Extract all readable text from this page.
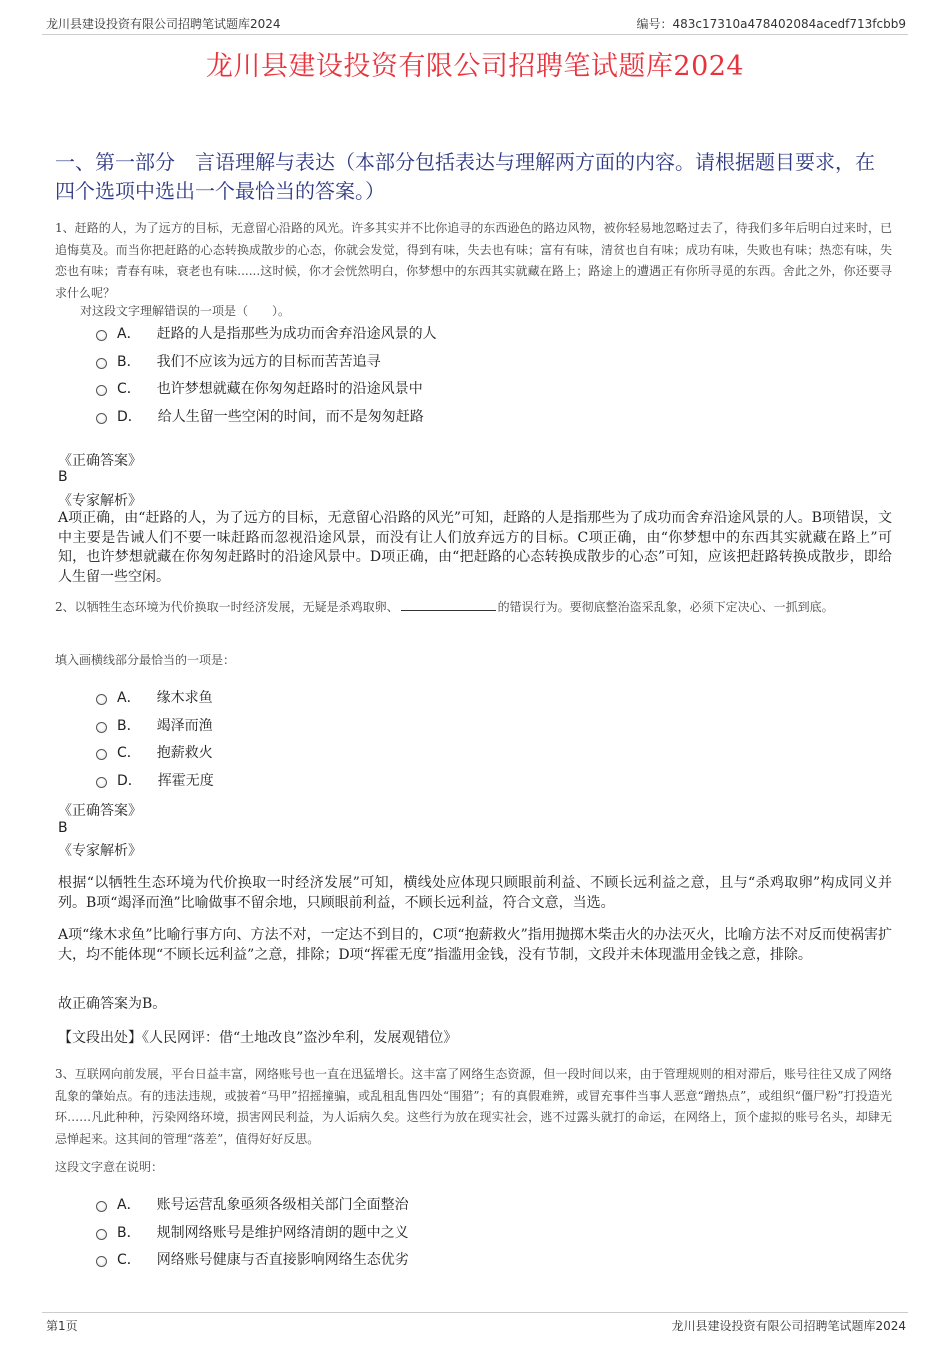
龙川县建设投资有限公司招聘笔试题库2024	编号：483c17310a478402084acedf713fcbb9
龙川县建设投资有限公司招聘笔试题库2024
一、第一部分　言语理解与表达（本部分包括表达与理解两方面的内容。请根据题目要求，在四个选项中选出一个最恰当的答案。）
1、赶路的人，为了远方的目标，无意留心沿路的风光。许多其实并不比你追寻的东西逊色的路边风物，被你轻易地忽略过去了，待我们多年后明白过来时，已追悔莫及。而当你把赶路的心态转换成散步的心态，你就会发觉，得到有味，失去也有味；富有有味，清贫也自有味；成功有味，失败也有味；热恋有味，失恋也有味；青春有味，衰老也有味......这时候，你才会恍然明白，你梦想中的东西其实就藏在路上；路途上的遭遇正有你所寻觅的东西。舍此之外，你还要寻求什么呢？
对这段文字理解错误的一项是（　　）。
A． 赶路的人是指那些为成功而舍弃沿途风景的人
B． 我们不应该为远方的目标而苦苦追寻
C． 也许梦想就藏在你匆匆赶路时的沿途风景中
D． 给人生留一些空闲的时间，而不是匆匆赶路
《正确答案》
B
《专家解析》
A项正确，由“赶路的人，为了远方的目标，无意留心沿路的风光”可知，赶路的人是指那些为了成功而舍弃沿途风景的人。B项错误，文中主要是告诫人们不要一味赶路而忽视沿途风景，而没有让人们放弃远方的目标。C项正确，由“你梦想中的东西其实就藏在路上”可知，也许梦想就藏在你匆匆赶路时的沿途风景中。D项正确，由“把赶路的心态转换成散步的心态”可知，应该把赶路转换成散步，即给人生留一些空闲。
2、以牺牲生态环境为代价换取一时经济发展，无疑是杀鸡取卵、	的错误行为。要彻底整治盗采乱象，必须下定决心、一抓到底。
填入画横线部分最恰当的一项是：
A． 缘木求鱼
B． 竭泽而渔
C． 抱薪救火
D． 挥霍无度
《正确答案》
B
《专家解析》
根据“以牺牲生态环境为代价换取一时经济发展”可知，横线处应体现只顾眼前利益、不顾长远利益之意，且与“杀鸡取卵”构成同义并列。B项“竭泽而渔”比喻做事不留余地，只顾眼前利益，不顾长远利益，符合文意，当选。
A项“缘木求鱼”比喻行事方向、方法不对，一定达不到目的，C项“抱薪救火”指用抛掷木柴击火的办法灭火，比喻方法不对反而使祸害扩大，均不能体现“不顾长远利益”之意，排除；D项“挥霍无度”指滥用金钱，没有节制，文段并未体现滥用金钱之意，排除。
故正确答案为B。
【文段出处】《人民网评：借“土地改良”盗沙牟利，发展观错位》
3、互联网向前发展，平台日益丰富，网络账号也一直在迅猛增长。这丰富了网络生态资源，但一段时间以来，由于管理规则的相对滞后，账号往往又成了网络乱象的肇始点。有的违法违规，或披着“马甲”招摇撞骗，或乱租乱售四处“围猎”；有的真假难辨，或冒充事件当事人恶意“蹭热点”，或组织“僵尸粉”打投造光环……凡此种种，污染网络环境，损害网民利益，为人诟病久矣。这些行为放在现实社会，逃不过露头就打的命运，在网络上，顶个虚拟的账号名头，却肆无忌惮起来。这其间的管理“落差”，值得好好反思。
这段文字意在说明：
A． 账号运营乱象亟须各级相关部门全面整治
B． 规制网络账号是维护网络清朗的题中之义
C． 网络账号健康与否直接影响网络生态优劣
第1页	龙川县建设投资有限公司招聘笔试题库2024
